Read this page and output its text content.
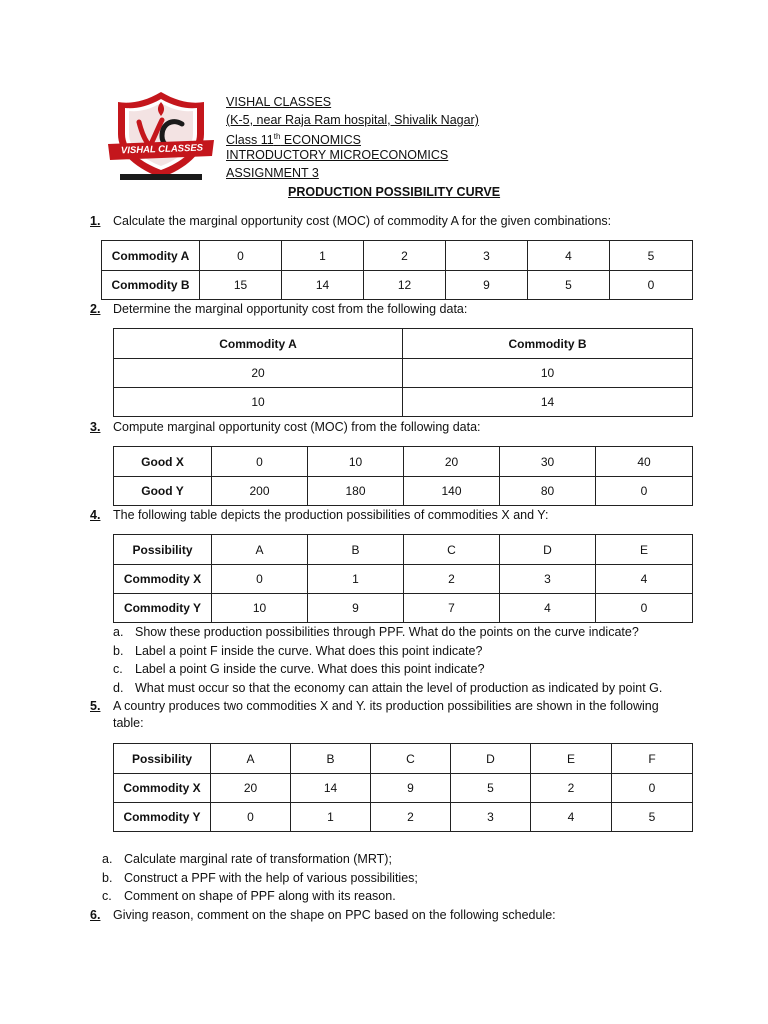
VISHAL CLASSES
VISHAL CLASSES
(K-5, near Raja Ram hospital, Shivalik Nagar)
Class 11th ECONOMICS
INTRODUCTORY MICROECONOMICS
ASSIGNMENT 3
PRODUCTION POSSIBILITY CURVE
1. Calculate the marginal opportunity cost (MOC) of commodity A for the given combinations:
Commodity A	0	1	2	3	4	5
Commodity B	15	14	12	9	5	0
2. Determine the marginal opportunity cost from the following data:
Commodity A	Commodity B
20	10
10	14
3. Compute marginal opportunity cost (MOC) from the following data:
Good X	0	10	20	30	40
Good Y	200	180	140	80	0
4. The following table depicts the production possibilities of commodities X and Y:
Possibility	A	B	C	D	E
Commodity X	0	1	2	3	4
Commodity Y	10	9	7	4	0
a. Show these production possibilities through PPF. What do the points on the curve indicate?
b. Label a point F inside the curve. What does this point indicate?
c. Label a point G inside the curve. What does this point indicate?
d. What must occur so that the economy can attain the level of production as indicated by point G.
5. A country produces two commodities X and Y. its production possibilities are shown in the following
table:
Possibility	A	B	C	D	E	F
Commodity X	20	14	9	5	2	0
Commodity Y	0	1	2	3	4	5
a. Calculate marginal rate of transformation (MRT);
b. Construct a PPF with the help of various possibilities;
c. Comment on shape of PPF along with its reason.
6. Giving reason, comment on the shape on PPC based on the following schedule:
